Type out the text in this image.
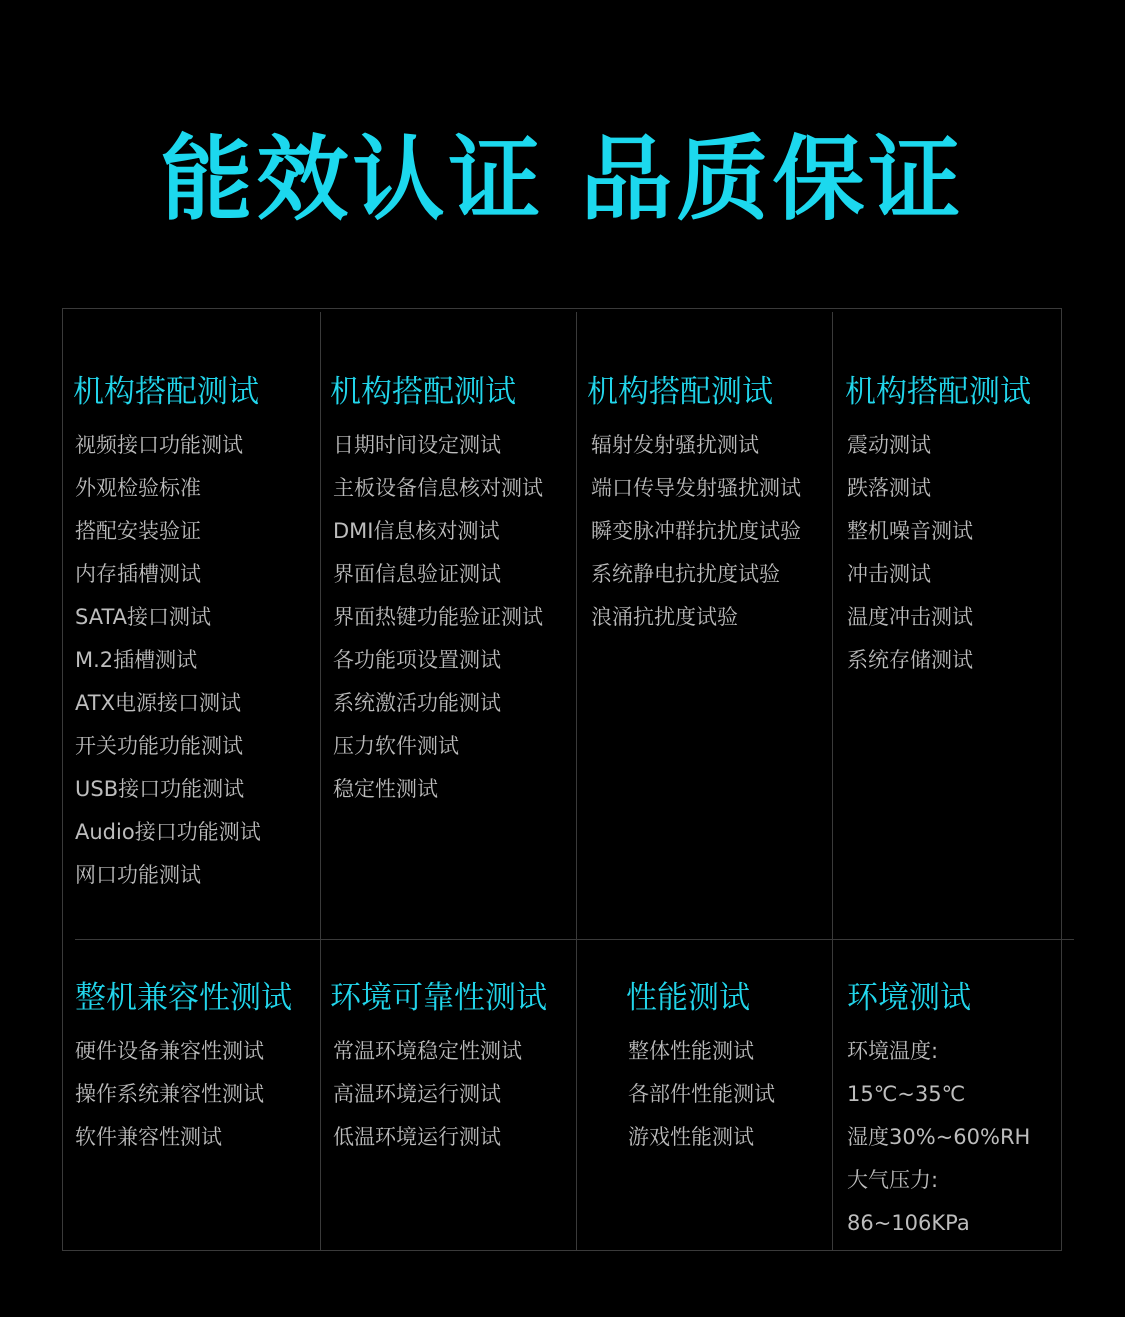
能效认证 品质保证
机构搭配测试
视频接口功能测试
外观检验标准
搭配安装验证
内存插槽测试
SATA接口测试
M.2插槽测试
ATX电源接口测试
开关功能功能测试
USB接口功能测试
Audio接口功能测试
网口功能测试
机构搭配测试
日期时间设定测试
主板设备信息核对测试
DMI信息核对测试
界面信息验证测试
界面热键功能验证测试
各功能项设置测试
系统激活功能测试
压力软件测试
稳定性测试
机构搭配测试
辐射发射骚扰测试
端口传导发射骚扰测试
瞬变脉冲群抗扰度试验
系统静电抗扰度试验
浪涌抗扰度试验
机构搭配测试
震动测试
跌落测试
整机噪音测试
冲击测试
温度冲击测试
系统存储测试
整机兼容性测试
硬件设备兼容性测试
操作系统兼容性测试
软件兼容性测试
环境可靠性测试
常温环境稳定性测试
高温环境运行测试
低温环境运行测试
性能测试
整体性能测试
各部件性能测试
游戏性能测试
环境测试
环境温度:
15℃~35℃
湿度30%~60%RH
大气压力:
86~106KPa
